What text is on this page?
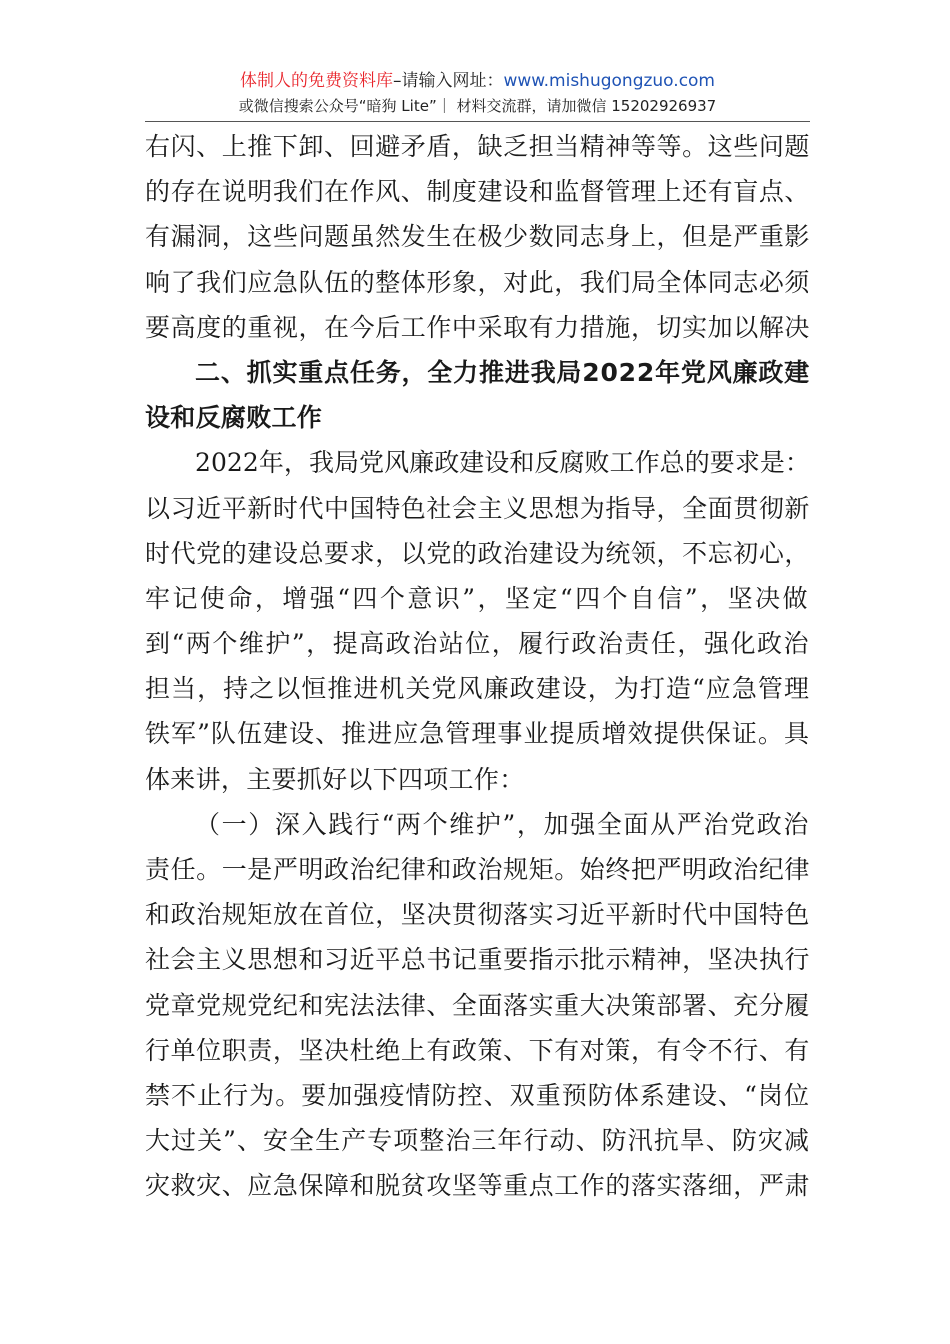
体制人的免费资料库–请输入网址：www.mishugongzuo.com
或微信搜索公众号“暗狗 Lite”｜ 材料交流群，请加微信 15202926937
右闪、上推下卸、回避矛盾，缺乏担当精神等等。这些问题
的存在说明我们在作风、制度建设和监督管理上还有盲点、
有漏洞，这些问题虽然发生在极少数同志身上，但是严重影
响了我们应急队伍的整体形象，对此，我们局全体同志必须
要高度的重视，在今后工作中采取有力措施，切实加以解决
二、抓实重点任务，全力推进我局2022年党风廉政建
设和反腐败工作
2022年，我局党风廉政建设和反腐败工作总的要求是：
以习近平新时代中国特色社会主义思想为指导，全面贯彻新
时代党的建设总要求，以党的政治建设为统领，不忘初心，
牢记使命，增强“四个意识”，坚定“四个自信”，坚决做
到“两个维护”，提高政治站位，履行政治责任，强化政治
担当，持之以恒推进机关党风廉政建设，为打造“应急管理
铁军”队伍建设、推进应急管理事业提质增效提供保证。具
体来讲，主要抓好以下四项工作：
（一）深入践行“两个维护”，加强全面从严治党政治
责任。一是严明政治纪律和政治规矩。始终把严明政治纪律
和政治规矩放在首位，坚决贯彻落实习近平新时代中国特色
社会主义思想和习近平总书记重要指示批示精神，坚决执行
党章党规党纪和宪法法律、全面落实重大决策部署、充分履
行单位职责，坚决杜绝上有政策、下有对策，有令不行、有
禁不止行为。要加强疫情防控、双重预防体系建设、“岗位
大过关”、安全生产专项整治三年行动、防汛抗旱、防灾减
灾救灾、应急保障和脱贫攻坚等重点工作的落实落细，严肃
